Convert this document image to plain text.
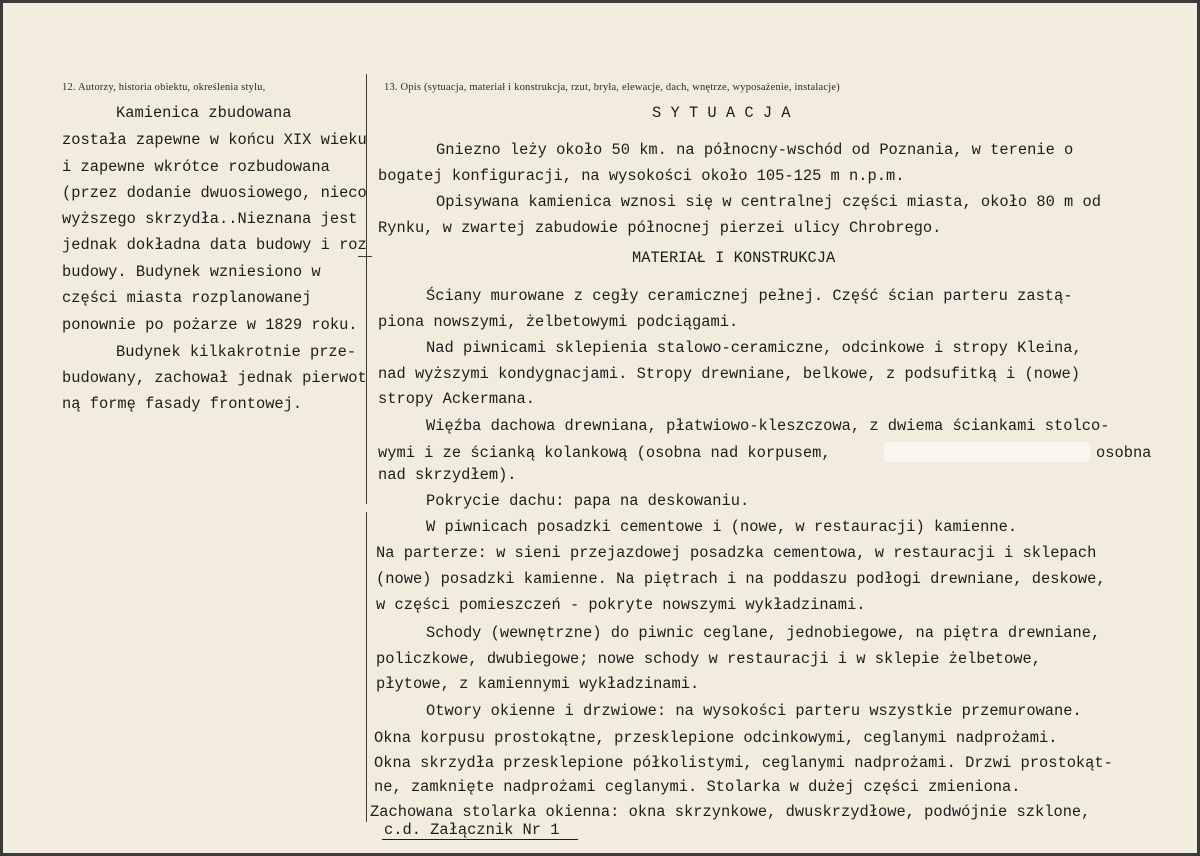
12. Autorzy, historia obiektu, określenia stylu,	13. Opis (sytuacja, materiał i konstrukcja, rzut, bryła, elewacje, dach, wnętrze, wyposażenie, instalacje)
Kamienica zbudowana
została zapewne w końcu XIX wieku
i zapewne wkrótce rozbudowana
(przez dodanie dwuosiowego, nieco
wyższego skrzydła..Nieznana jest
jednak dokładna data budowy i roz
budowy. Budynek wzniesiono w
części miasta rozplanowanej
ponownie po pożarze w 1829 roku.
Budynek kilkakrotnie prze-
budowany, zachował jednak pierwot
ną formę fasady frontowej.
S Y T U A C J A
Gniezno leży około 50 km. na północny-wschód od Poznania, w terenie o
bogatej konfiguracji, na wysokości około 105-125 m n.p.m.
Opisywana kamienica wznosi się w centralnej części miasta, około 80 m od
Rynku, w zwartej zabudowie północnej pierzei ulicy Chrobrego.
MATERIAŁ I KONSTRUKCJA
Ściany murowane z cegły ceramicznej pełnej. Część ścian parteru zastą-
piona nowszymi, żelbetowymi podciągami.
Nad piwnicami sklepienia stalowo-ceramiczne, odcinkowe i stropy Kleina,
nad wyższymi kondygnacjami. Stropy drewniane, belkowe, z podsufitką i (nowe)
stropy Ackermana.
Więźba dachowa drewniana, płatwiowo-kleszczowa, z dwiema ściankami stolco-
wymi i ze ścianką kolankową (osobna nad korpusem,	osobna
nad skrzydłem).
Pokrycie dachu: papa na deskowaniu.
W piwnicach posadzki cementowe i (nowe, w restauracji) kamienne.
Na parterze: w sieni przejazdowej posadzka cementowa, w restauracji i sklepach
(nowe) posadzki kamienne. Na piętrach i na poddaszu podłogi drewniane, deskowe,
w części pomieszczeń - pokryte nowszymi wykładzinami.
Schody (wewnętrzne) do piwnic ceglane, jednobiegowe, na piętra drewniane,
policzkowe, dwubiegowe; nowe schody w restauracji i w sklepie żelbetowe,
płytowe, z kamiennymi wykładzinami.
Otwory okienne i drzwiowe: na wysokości parteru wszystkie przemurowane.
Okna korpusu prostokątne, przesklepione odcinkowymi, ceglanymi nadprożami.
Okna skrzydła przesklepione półkolistymi, ceglanymi nadprożami. Drzwi prostokąt-
ne, zamknięte nadprożami ceglanymi. Stolarka w dużej części zmieniona.
Zachowana stolarka okienna: okna skrzynkowe, dwuskrzydłowe, podwójnie szklone,
c.d. Załącznik Nr 1
